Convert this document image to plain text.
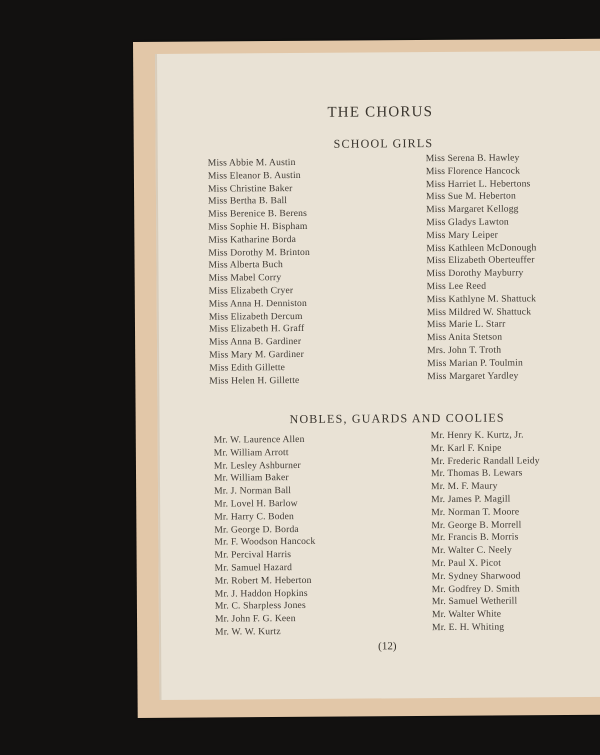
THE CHORUS
SCHOOL GIRLS
Miss Abbie M. Austin
Miss Eleanor B. Austin
Miss Christine Baker
Miss Bertha B. Ball
Miss Berenice B. Berens
Miss Sophie H. Bispham
Miss Katharine Borda
Miss Dorothy M. Brinton
Miss Alberta Buch
Miss Mabel Corry
Miss Elizabeth Cryer
Miss Anna H. Denniston
Miss Elizabeth Dercum
Miss Elizabeth H. Graff
Miss Anna B. Gardiner
Miss Mary M. Gardiner
Miss Edith Gillette
Miss Helen H. Gillette
Miss Serena B. Hawley
Miss Florence Hancock
Miss Harriet L. Hebertons
Miss Sue M. Heberton
Miss Margaret Kellogg
Miss Gladys Lawton
Miss Mary Leiper
Miss Kathleen McDonough
Miss Elizabeth Oberteuffer
Miss Dorothy Mayburry
Miss Lee Reed
Miss Kathlyne M. Shattuck
Miss Mildred W. Shattuck
Miss Marie L. Starr
Miss Anita Stetson
Mrs. John T. Troth
Miss Marian P. Toulmin
Miss Margaret Yardley
NOBLES, GUARDS AND COOLIES
Mr. W. Laurence Allen
Mr. William Arrott
Mr. Lesley Ashburner
Mr. William Baker
Mr. J. Norman Ball
Mr. Lovel H. Barlow
Mr. Harry C. Boden
Mr. George D. Borda
Mr. F. Woodson Hancock
Mr. Percival Harris
Mr. Samuel Hazard
Mr. Robert M. Heberton
Mr. J. Haddon Hopkins
Mr. C. Sharpless Jones
Mr. John F. G. Keen
Mr. W. W. Kurtz
Mr. Henry K. Kurtz, Jr.
Mr. Karl F. Knipe
Mr. Frederic Randall Leidy
Mr. Thomas B. Lewars
Mr. M. F. Maury
Mr. James P. Magill
Mr. Norman T. Moore
Mr. George B. Morrell
Mr. Francis B. Morris
Mr. Walter C. Neely
Mr. Paul X. Picot
Mr. Sydney Sharwood
Mr. Godfrey D. Smith
Mr. Samuel Wetherill
Mr. Walter White
Mr. E. H. Whiting
(12)
